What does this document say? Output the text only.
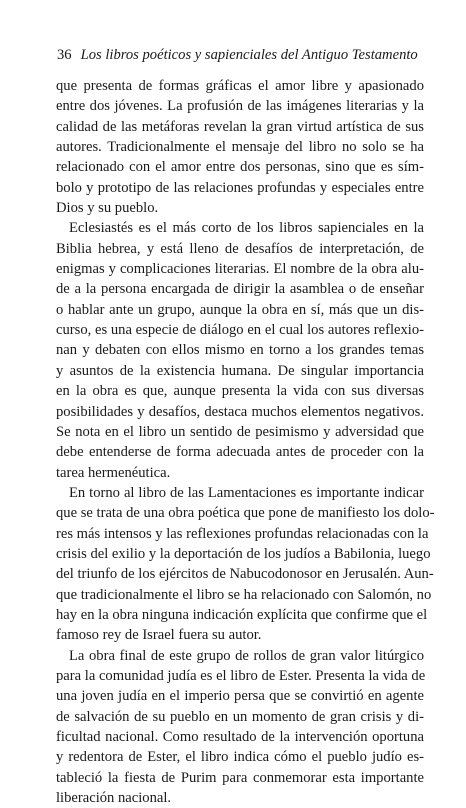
36 Los libros poéticos y sapienciales del Antiguo Testamento
que presenta de formas gráficas el amor libre y apasionado
entre dos jóvenes. La profusión de las imágenes literarias y la
calidad de las metáforas revelan la gran virtud artística de sus
autores. Tradicionalmente el mensaje del libro no solo se ha
relacionado con el amor entre dos personas, sino que es sím-
bolo y prototipo de las relaciones profundas y especiales entre
Dios y su pueblo.
Eclesiastés es el más corto de los libros sapienciales en la
Biblia hebrea, y está lleno de desafíos de interpretación, de
enigmas y complicaciones literarias. El nombre de la obra alu-
de a la persona encargada de dirigir la asamblea o de enseñar
o hablar ante un grupo, aunque la obra en sí, más que un dis-
curso, es una especie de diálogo en el cual los autores reflexio-
nan y debaten con ellos mismo en torno a los grandes temas
y asuntos de la existencia humana. De singular importancia
en la obra es que, aunque presenta la vida con sus diversas
posibilidades y desafíos, destaca muchos elementos negativos.
Se nota en el libro un sentido de pesimismo y adversidad que
debe entenderse de forma adecuada antes de proceder con la
tarea hermenéutica.
En torno al libro de las Lamentaciones es importante indicar
que se trata de una obra poética que pone de manifiesto los dolo-
res más intensos y las reflexiones profundas relacionadas con la
crisis del exilio y la deportación de los judíos a Babilonia, luego
del triunfo de los ejércitos de Nabucodonosor en Jerusalén. Aun-
que tradicionalmente el libro se ha relacionado con Salomón, no
hay en la obra ninguna indicación explícita que confirme que el
famoso rey de Israel fuera su autor.
La obra final de este grupo de rollos de gran valor litúrgico
para la comunidad judía es el libro de Ester. Presenta la vida de
una joven judía en el imperio persa que se convirtió en agente
de salvación de su pueblo en un momento de gran crisis y di-
ficultad nacional. Como resultado de la intervención oportuna
y redentora de Ester, el libro indica cómo el pueblo judío es-
tableció la fiesta de Purim para conmemorar esta importante
liberación nacional.
